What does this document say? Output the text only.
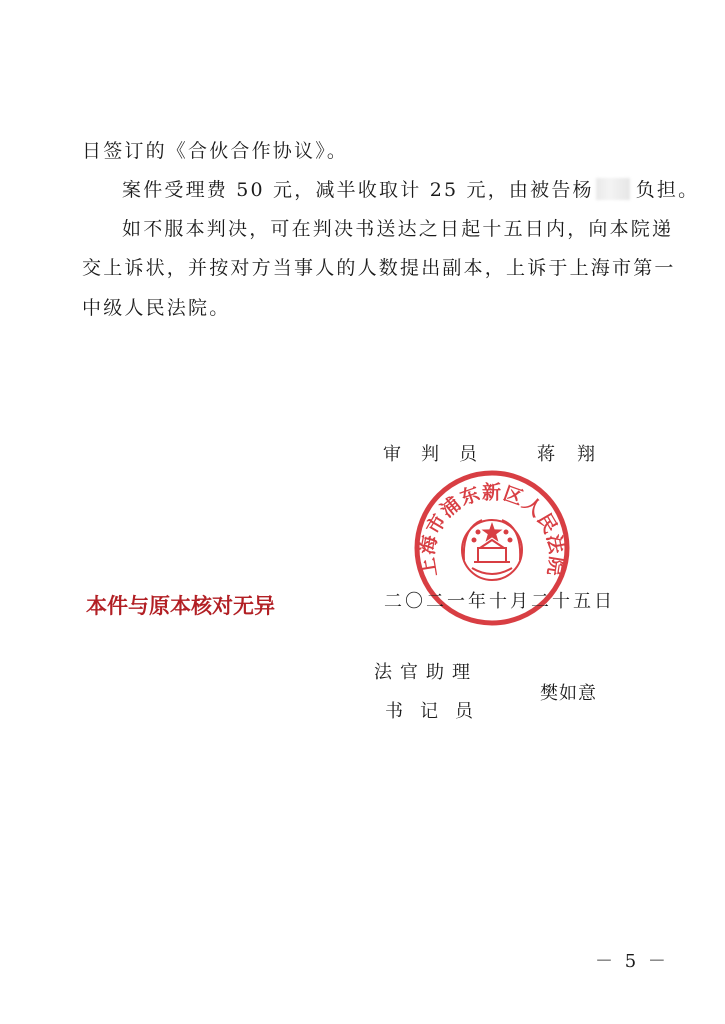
日签订的《合伙合作协议》。
案件受理费 50 元，减半收取计 25 元，由被告杨 负担。
如不服本判决，可在判决书送达之日起十五日内，向本院递
交上诉状，并按对方当事人的人数提出副本，上诉于上海市第一
中级人民法院。
审判员 蒋翔
上海市浦东新区人民法院
本件与原本核对无异	二〇二一年十月二十五日
法官助理
书记员
樊如意
－ 5 －
